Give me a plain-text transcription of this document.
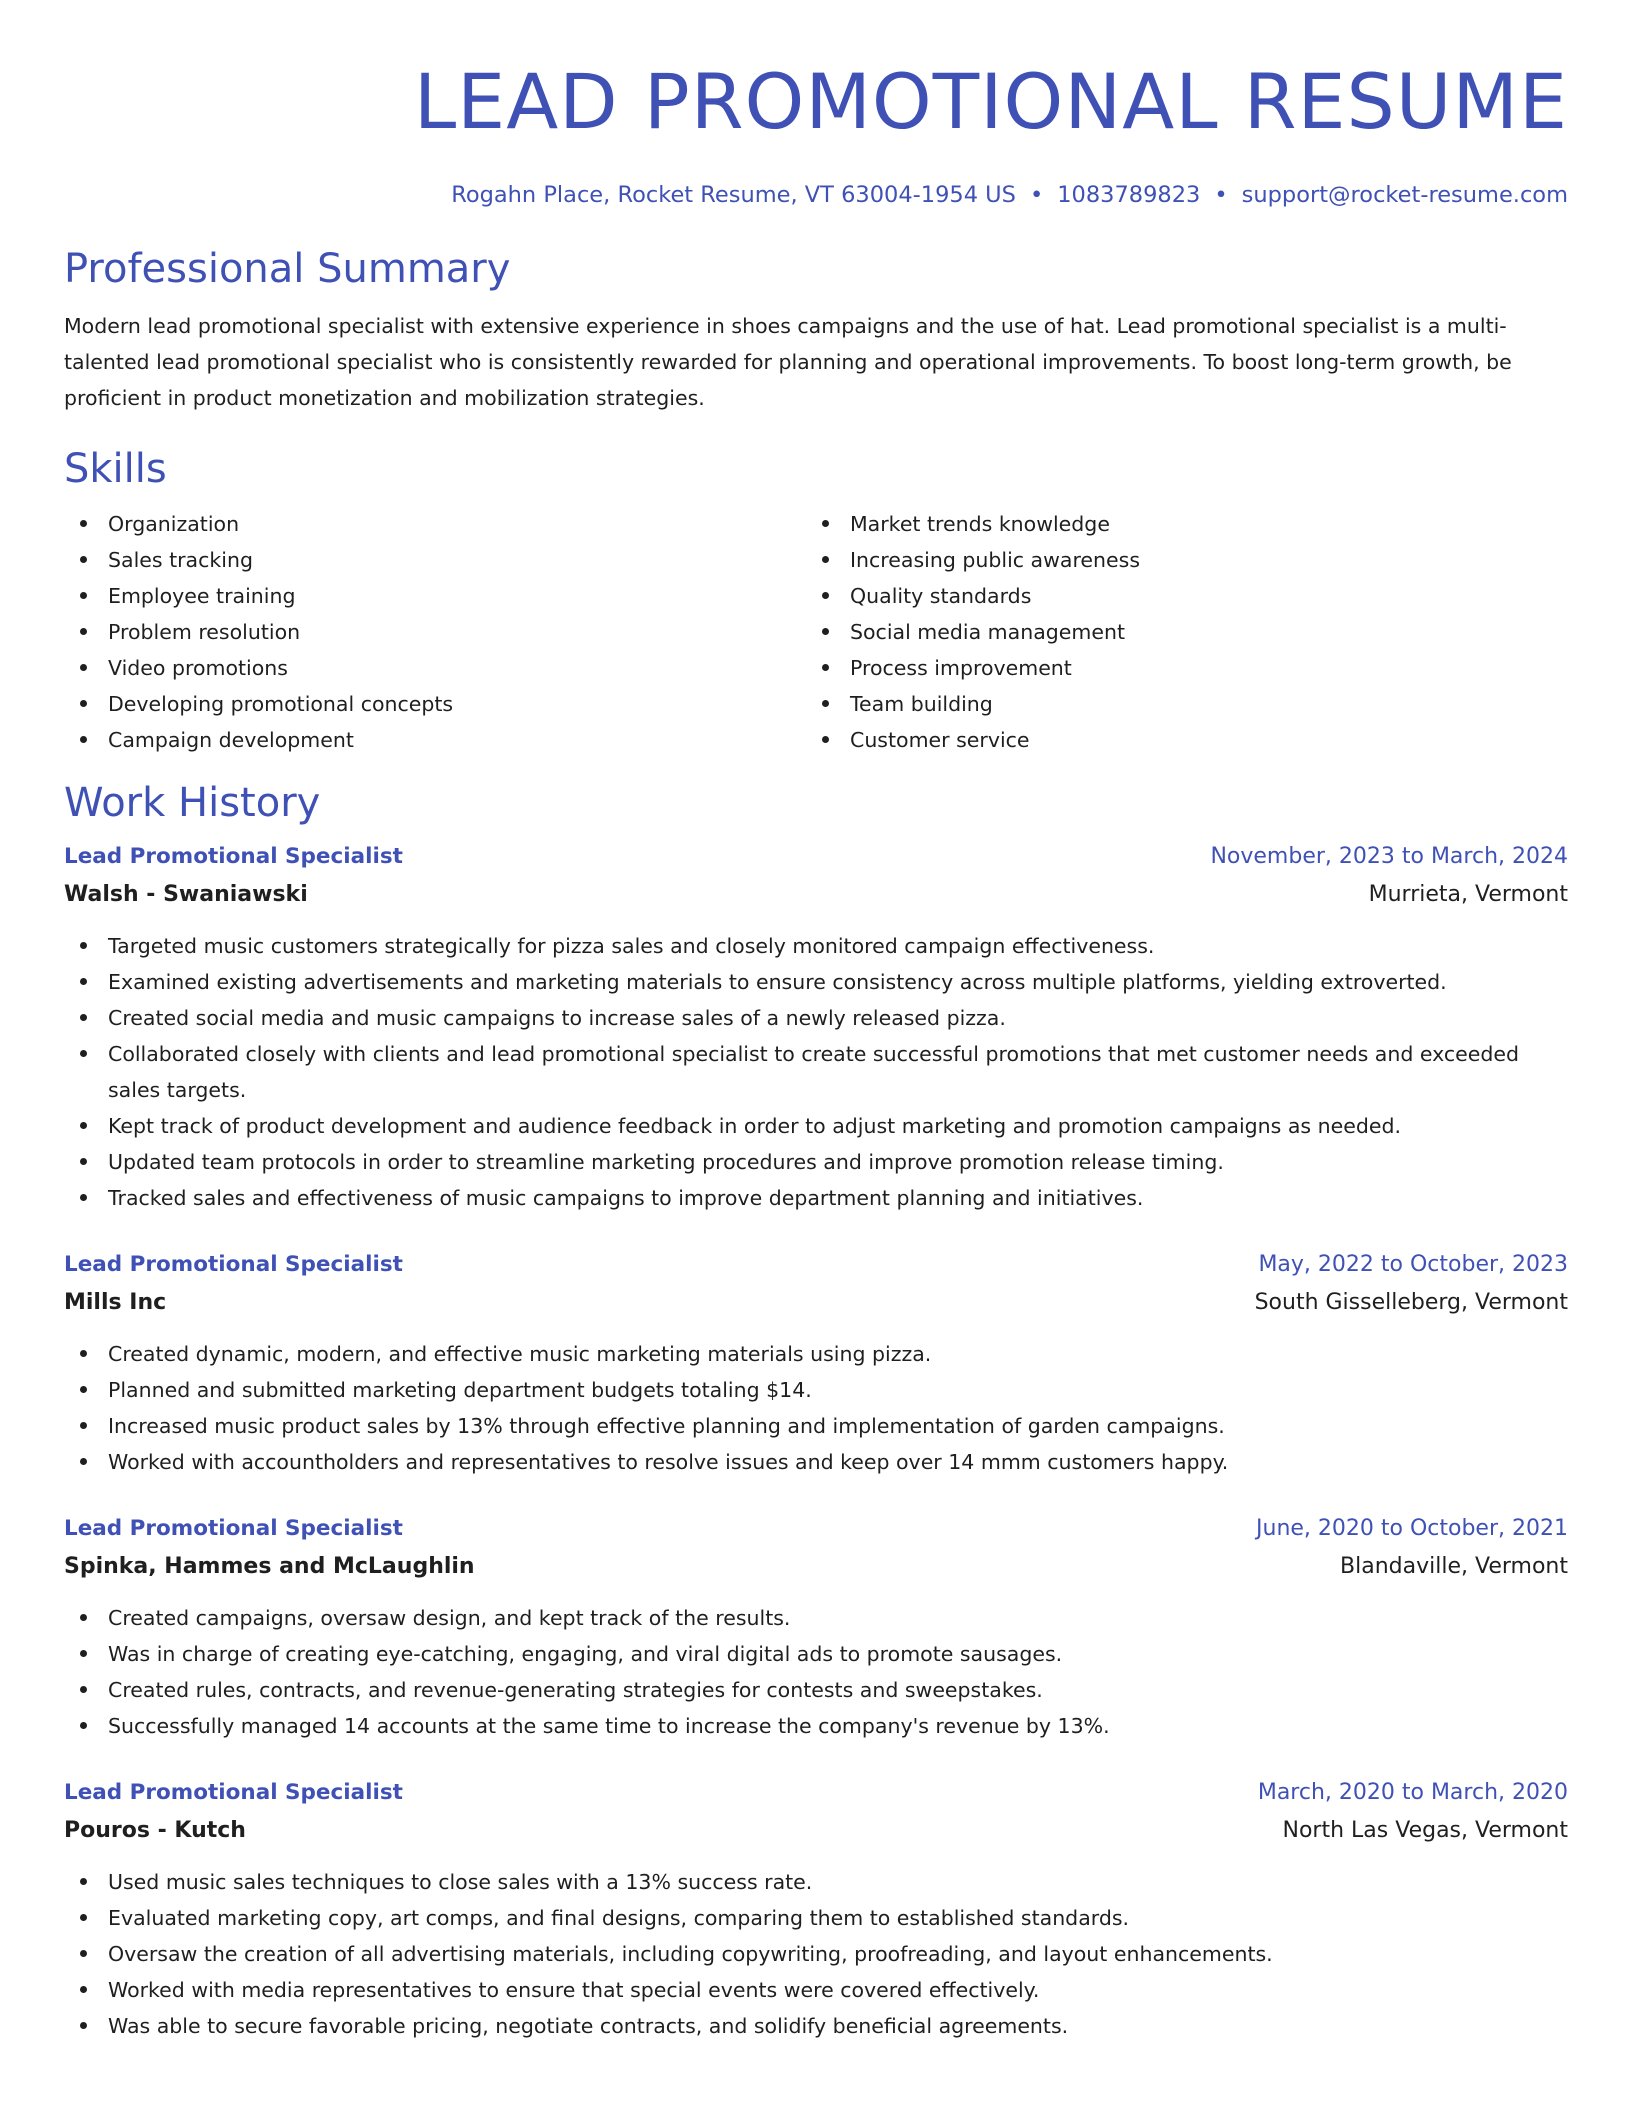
LEAD PROMOTIONAL RESUME
Rogahn Place, Rocket Resume, VT 63004-1954 US • 1083789823 • support@rocket-resume.com
Professional Summary

Modern lead promotional specialist with extensive experience in shoes campaigns and the use of hat. Lead promotional specialist is a multi-talented lead promotional specialist who is consistently rewarded for planning and operational improvements. To boost long-term growth, be proficient in product monetization and mobilization strategies.

Skills
Organization
Sales tracking
Employee training
Problem resolution
Video promotions
Developing promotional concepts
Campaign development
Market trends knowledge
Increasing public awareness
Quality standards
Social media management
Process improvement
Team building
Customer service
Work History
Lead Promotional Specialist	November, 2023 to March, 2024
Walsh - Swaniawski	Murrieta, Vermont
Targeted music customers strategically for pizza sales and closely monitored campaign effectiveness.
Examined existing advertisements and marketing materials to ensure consistency across multiple platforms, yielding extroverted.
Created social media and music campaigns to increase sales of a newly released pizza.
Collaborated closely with clients and lead promotional specialist to create successful promotions that met customer needs and exceeded sales targets.
Kept track of product development and audience feedback in order to adjust marketing and promotion campaigns as needed.
Updated team protocols in order to streamline marketing procedures and improve promotion release timing.
Tracked sales and effectiveness of music campaigns to improve department planning and initiatives.
Lead Promotional Specialist	May, 2022 to October, 2023
Mills Inc	South Gisselleberg, Vermont
Created dynamic, modern, and effective music marketing materials using pizza.
Planned and submitted marketing department budgets totaling $14.
Increased music product sales by 13% through effective planning and implementation of garden campaigns.
Worked with accountholders and representatives to resolve issues and keep over 14 mmm customers happy.
Lead Promotional Specialist	June, 2020 to October, 2021
Spinka, Hammes and McLaughlin	Blandaville, Vermont
Created campaigns, oversaw design, and kept track of the results.
Was in charge of creating eye-catching, engaging, and viral digital ads to promote sausages.
Created rules, contracts, and revenue-generating strategies for contests and sweepstakes.
Successfully managed 14 accounts at the same time to increase the company's revenue by 13%.
Lead Promotional Specialist	March, 2020 to March, 2020
Pouros - Kutch	North Las Vegas, Vermont
Used music sales techniques to close sales with a 13% success rate.
Evaluated marketing copy, art comps, and final designs, comparing them to established standards.
Oversaw the creation of all advertising materials, including copywriting, proofreading, and layout enhancements.
Worked with media representatives to ensure that special events were covered effectively.
Was able to secure favorable pricing, negotiate contracts, and solidify beneficial agreements.
